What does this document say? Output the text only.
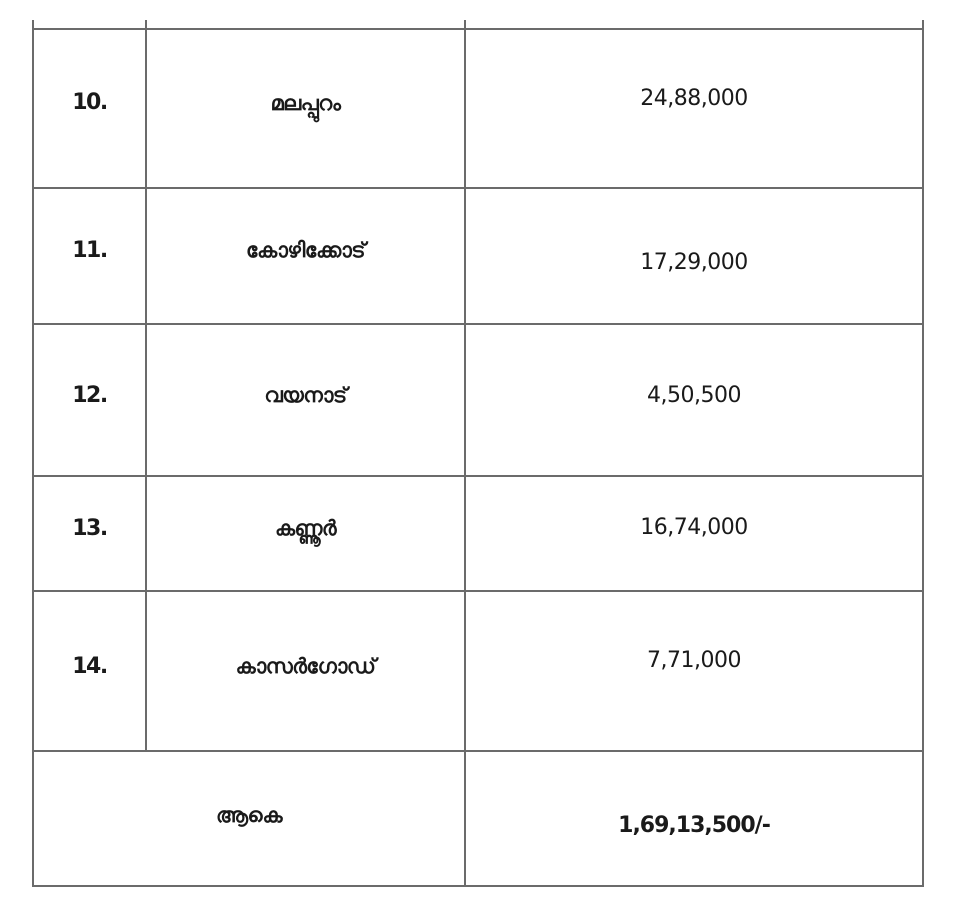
10.	മലപ്പുറം	24,88,000
11.	കോഴിക്കോട്	17,29,000
12.	വയനാട്	4,50,500
13.	കണ്ണൂർ	16,74,000
14.	കാസർഗോഡ്	7,71,000
ആകെ	1,69,13,500/-
